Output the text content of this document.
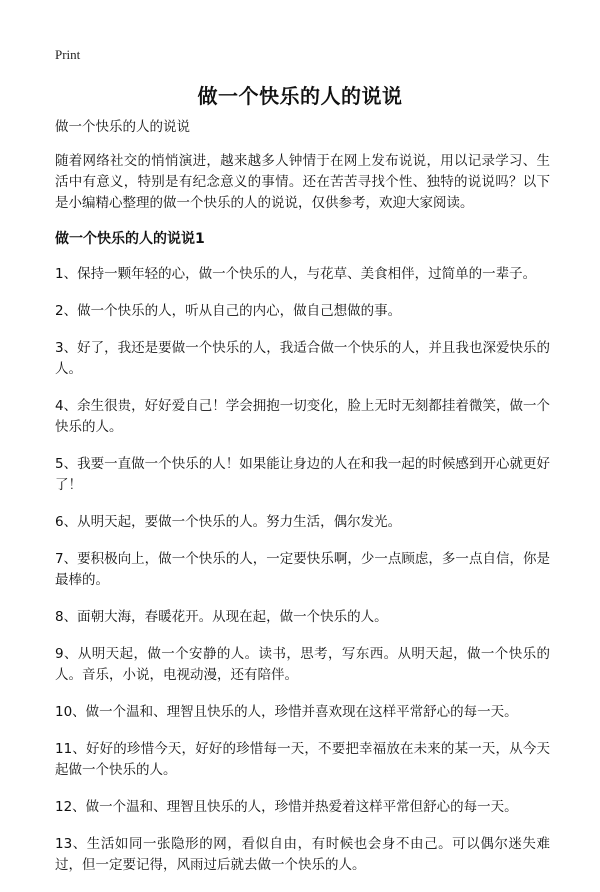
Print
做一个快乐的人的说说

做一个快乐的人的说说

随着网络社交的悄悄演进，越来越多人钟情于在网上发布说说，用以记录学习、生活中有意义，特别是有纪念意义的事情。还在苦苦寻找个性、独特的说说吗？以下是小编精心整理的做一个快乐的人的说说，仅供参考，欢迎大家阅读。

做一个快乐的人的说说1

1、保持一颗年轻的心，做一个快乐的人，与花草、美食相伴，过简单的一辈子。

2、做一个快乐的人，听从自己的内心，做自己想做的事。

3、好了，我还是要做一个快乐的人，我适合做一个快乐的人，并且我也深爱快乐的人。

4、余生很贵，好好爱自己！学会拥抱一切变化，脸上无时无刻都挂着微笑，做一个快乐的人。

5、我要一直做一个快乐的人！如果能让身边的人在和我一起的时候感到开心就更好了！

6、从明天起，要做一个快乐的人。努力生活，偶尔发光。

7、要积极向上，做一个快乐的人，一定要快乐啊，少一点顾虑，多一点自信，你是最棒的。

8、面朝大海，春暖花开。从现在起，做一个快乐的人。

9、从明天起，做一个安静的人。读书，思考，写东西。从明天起，做一个快乐的人。音乐，小说，电视动漫，还有陪伴。

10、做一个温和、理智且快乐的人，珍惜并喜欢现在这样平常舒心的每一天。

11、好好的珍惜今天，好好的珍惜每一天，不要把幸福放在未来的某一天，从今天起做一个快乐的人。

12、做一个温和、理智且快乐的人，珍惜并热爱着这样平常但舒心的每一天。

13、生活如同一张隐形的网，看似自由，有时候也会身不由己。可以偶尔迷失难过，但一定要记得，风雨过后就去做一个快乐的人。
